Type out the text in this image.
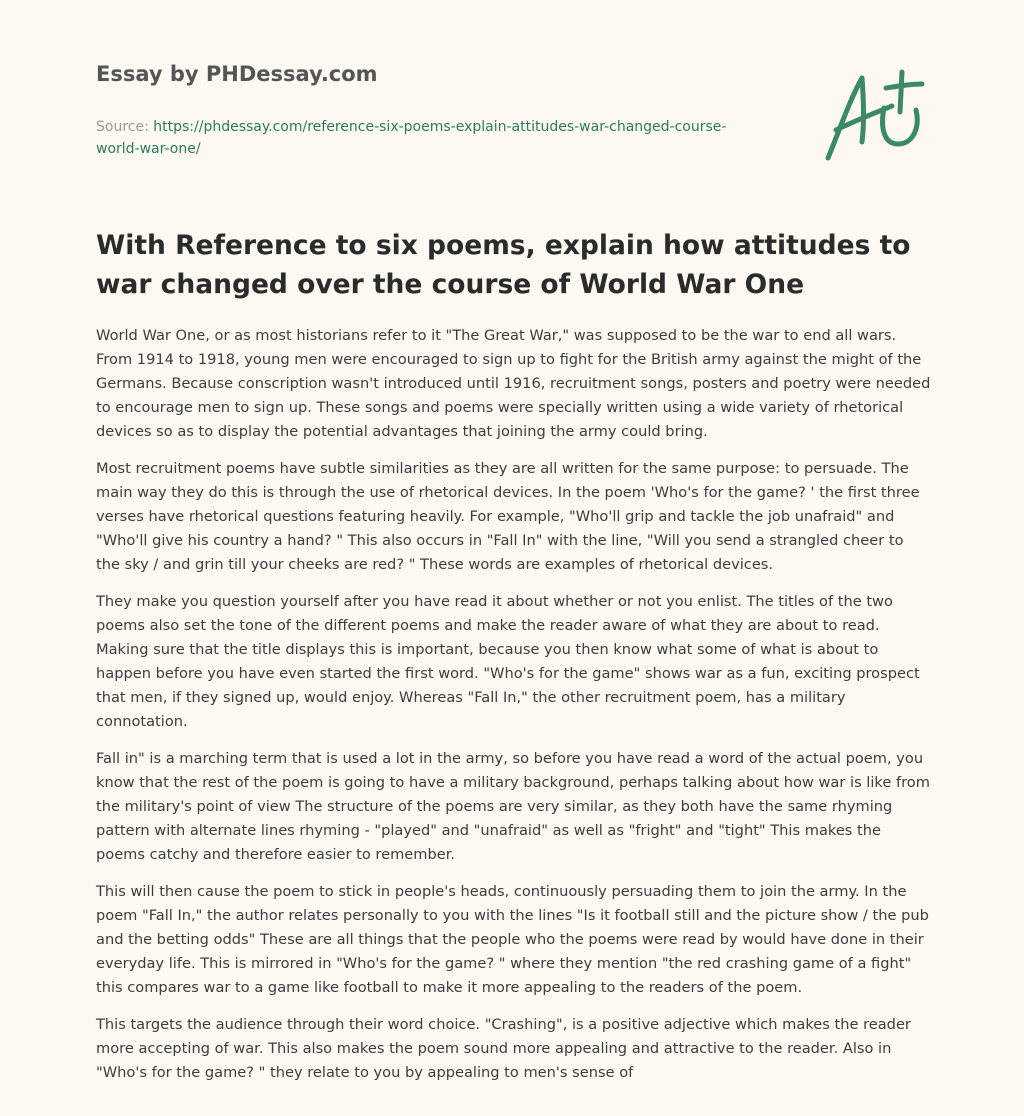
Essay by PHDessay.com
Source: https://phdessay.com/reference-six-poems-explain-attitudes-war-changed-course-world-war-one/
With Reference to six poems, explain how attitudes to war changed over the course of World War One

World War One, or as most historians refer to it "The Great War," was supposed to be the war to end all wars. From 1914 to 1918, young men were encouraged to sign up to fight for the British army against the might of the Germans. Because conscription wasn't introduced until 1916, recruitment songs, posters and poetry were needed to encourage men to sign up. These songs and poems were specially written using a wide variety of rhetorical devices so as to display the potential advantages that joining the army could bring.

Most recruitment poems have subtle similarities as they are all written for the same purpose: to persuade. The main way they do this is through the use of rhetorical devices. In the poem 'Who's for the game? ' the first three verses have rhetorical questions featuring heavily. For example, "Who'll grip and tackle the job unafraid" and "Who'll give his country a hand? " This also occurs in "Fall In" with the line, "Will you send a strangled cheer to the sky / and grin till your cheeks are red? " These words are examples of rhetorical devices.

They make you question yourself after you have read it about whether or not you enlist. The titles of the two poems also set the tone of the different poems and make the reader aware of what they are about to read. Making sure that the title displays this is important, because you then know what some of what is about to happen before you have even started the first word. "Who's for the game" shows war as a fun, exciting prospect that men, if they signed up, would enjoy. Whereas "Fall In," the other recruitment poem, has a military connotation.

Fall in" is a marching term that is used a lot in the army, so before you have read a word of the actual poem, you know that the rest of the poem is going to have a military background, perhaps talking about how war is like from the military's point of view The structure of the poems are very similar, as they both have the same rhyming pattern with alternate lines rhyming - "played" and "unafraid" as well as "fright" and "tight" This makes the poems catchy and therefore easier to remember.

This will then cause the poem to stick in people's heads, continuously persuading them to join the army. In the poem "Fall In," the author relates personally to you with the lines "Is it football still and the picture show / the pub and the betting odds" These are all things that the people who the poems were read by would have done in their everyday life. This is mirrored in "Who's for the game? " where they mention "the red crashing game of a fight" this compares war to a game like football to make it more appealing to the readers of the poem.

This targets the audience through their word choice. "Crashing", is a positive adjective which makes the reader more accepting of war. This also makes the poem sound more appealing and attractive to the reader. Also in "Who's for the game? " they relate to you by appealing to men's sense of
